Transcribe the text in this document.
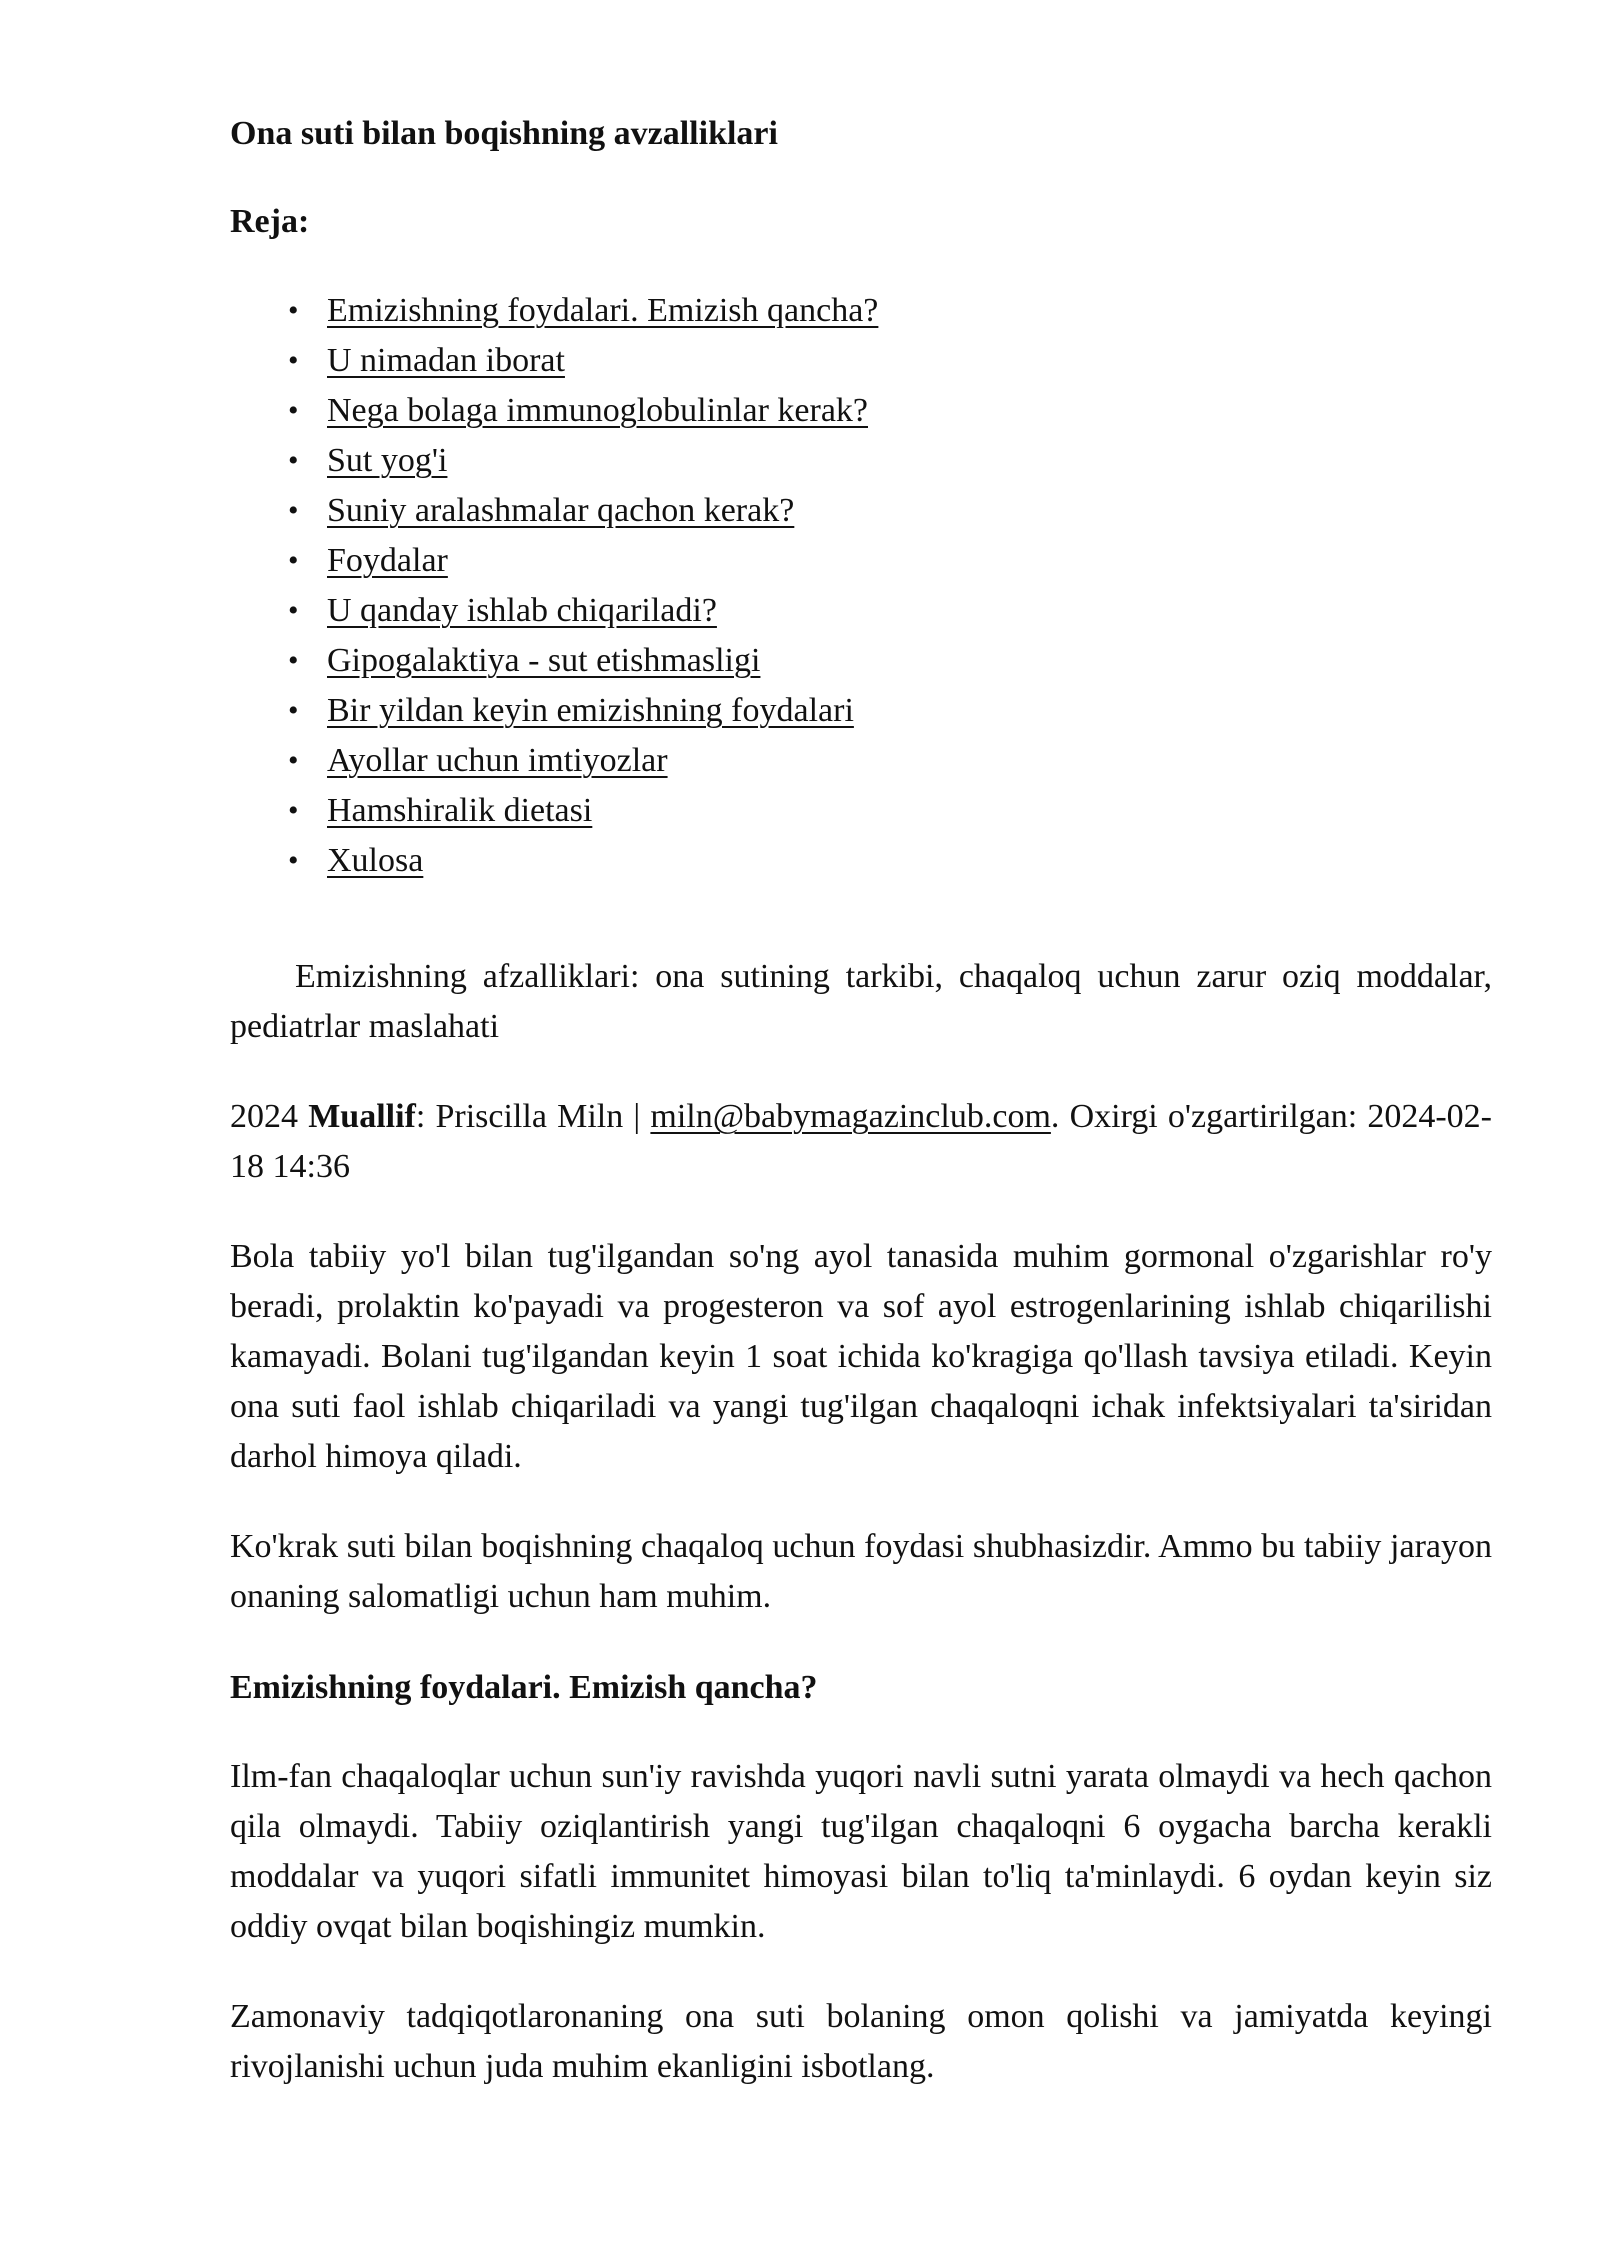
Ona suti bilan boqishning avzalliklari
Reja:
• Emizishning foydalari. Emizish qancha?
• U nimadan iborat
• Nega bolaga immunoglobulinlar kerak?
• Sut yog'i
• Suniy aralashmalar qachon kerak?
• Foydalar
• U qanday ishlab chiqariladi?
• Gipogalaktiya - sut etishmasligi
• Bir yildan keyin emizishning foydalari
• Ayollar uchun imtiyozlar
• Hamshiralik dietasi
• Xulosa

Emizishning afzalliklari: ona sutining tarkibi, chaqaloq uchun zarur oziq moddalar, pediatrlar maslahati

2024 Muallif: Priscilla Miln | miln@babymagazinclub.com. Oxirgi o'zgartirilgan: 2024-02-18 14:36

Bola tabiiy yo'l bilan tug'ilgandan so'ng ayol tanasida muhim gormonal o'zgarishlar ro'y beradi, prolaktin ko'payadi va progesteron va sof ayol estrogenlarining ishlab chiqarilishi kamayadi. Bolani tug'ilgandan keyin 1 soat ichida ko'kragiga qo'llash tavsiya etiladi. Keyin ona suti faol ishlab chiqariladi va yangi tug'ilgan chaqaloqni ichak infektsiyalari ta'siridan darhol himoya qiladi.

Ko'krak suti bilan boqishning chaqaloq uchun foydasi shubhasizdir. Ammo bu tabiiy jarayon onaning salomatligi uchun ham muhim.

Emizishning foydalari. Emizish qancha?

Ilm-fan chaqaloqlar uchun sun'iy ravishda yuqori navli sutni yarata olmaydi va hech qachon qila olmaydi. Tabiiy oziqlantirish yangi tug'ilgan chaqaloqni 6 oygacha barcha kerakli moddalar va yuqori sifatli immunitet himoyasi bilan to'liq ta'minlaydi. 6 oydan keyin siz oddiy ovqat bilan boqishingiz mumkin.

Zamonaviy tadqiqotlaronaning ona suti bolaning omon qolishi va jamiyatda keyingi rivojlanishi uchun juda muhim ekanligini isbotlang.
